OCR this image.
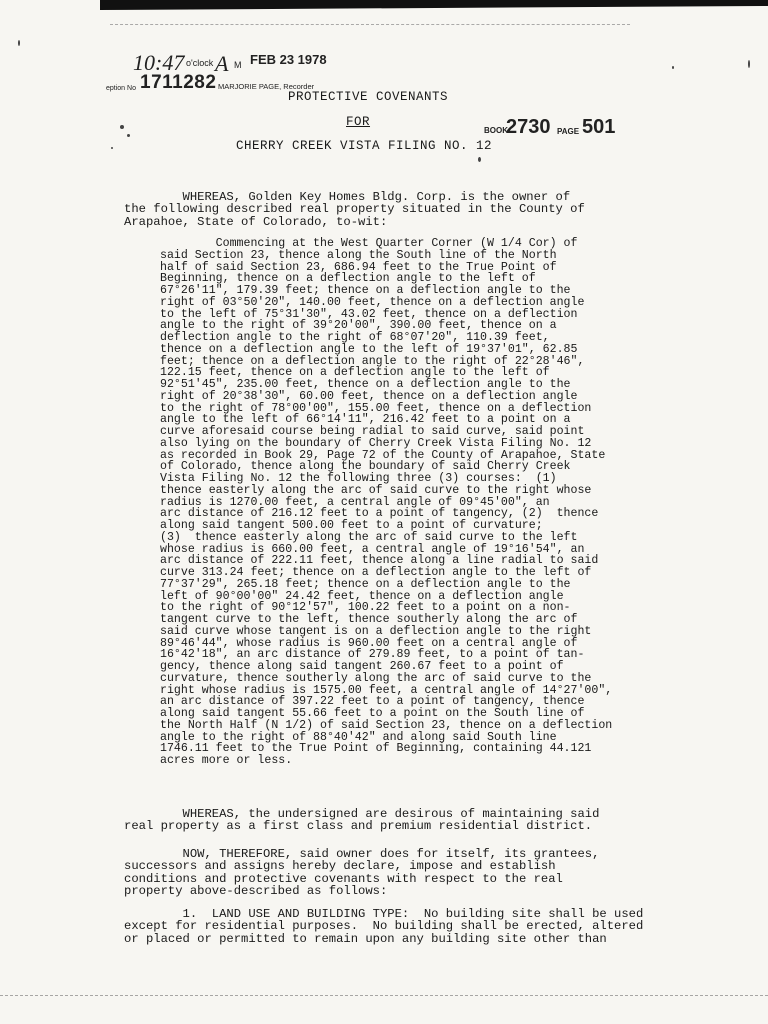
10:47 o'clock A M FEB 23 1978
eption No 1711282 MARJORIE PAGE, Recorder
BOOK
2730 PAGE 501
PROTECTIVE COVENANTS
FOR
CHERRY CREEK VISTA FILING NO. 12
WHEREAS, Golden Key Homes Bldg. Corp. is the owner of
the following described real property situated in the County of
Arapahoe, State of Colorado, to-wit:
Commencing at the West Quarter Corner (W 1/4 Cor) of
said Section 23, thence along the South line of the North
half of said Section 23, 686.94 feet to the True Point of
Beginning, thence on a deflection angle to the left of
67°26'11", 179.39 feet; thence on a deflection angle to the
right of 03°50'20", 140.00 feet, thence on a deflection angle
to the left of 75°31'30", 43.02 feet, thence on a deflection
angle to the right of 39°20'00", 390.00 feet, thence on a
deflection angle to the right of 68°07'20", 110.39 feet,
thence on a deflection angle to the left of 19°37'01", 62.85
feet; thence on a deflection angle to the right of 22°28'46",
122.15 feet, thence on a deflection angle to the left of
92°51'45", 235.00 feet, thence on a deflection angle to the
right of 20°38'30", 60.00 feet, thence on a deflection angle
to the right of 78°00'00", 155.00 feet, thence on a deflection
angle to the left of 66°14'11", 216.42 feet to a point on a
curve aforesaid course being radial to said curve, said point
also lying on the boundary of Cherry Creek Vista Filing No. 12
as recorded in Book 29, Page 72 of the County of Arapahoe, State
of Colorado, thence along the boundary of said Cherry Creek
Vista Filing No. 12 the following three (3) courses:  (1)
thence easterly along the arc of said curve to the right whose
radius is 1270.00 feet, a central angle of 09°45'00", an
arc distance of 216.12 feet to a point of tangency, (2)  thence
along said tangent 500.00 feet to a point of curvature;
(3)  thence easterly along the arc of said curve to the left
whose radius is 660.00 feet, a central angle of 19°16'54", an
arc distance of 222.11 feet, thence along a line radial to said
curve 313.24 feet; thence on a deflection angle to the left of
77°37'29", 265.18 feet; thence on a deflection angle to the
left of 90°00'00" 24.42 feet, thence on a deflection angle
to the right of 90°12'57", 100.22 feet to a point on a non-
tangent curve to the left, thence southerly along the arc of
said curve whose tangent is on a deflection angle to the right
89°46'44", whose radius is 960.00 feet on a central angle of
16°42'18", an arc distance of 279.89 feet, to a point of tan-
gency, thence along said tangent 260.67 feet to a point of
curvature, thence southerly along the arc of said curve to the
right whose radius is 1575.00 feet, a central angle of 14°27'00",
an arc distance of 397.22 feet to a point of tangency, thence
along said tangent 55.66 feet to a point on the South line of
the North Half (N 1/2) of said Section 23, thence on a deflection
angle to the right of 88°40'42" and along said South line
1746.11 feet to the True Point of Beginning, containing 44.121
acres more or less.
WHEREAS, the undersigned are desirous of maintaining said
real property as a first class and premium residential district.
NOW, THEREFORE, said owner does for itself, its grantees,
successors and assigns hereby declare, impose and establish
conditions and protective covenants with respect to the real
property above-described as follows:
1.  LAND USE AND BUILDING TYPE:  No building site shall be used
except for residential purposes.  No building shall be erected, altered
or placed or permitted to remain upon any building site other than
